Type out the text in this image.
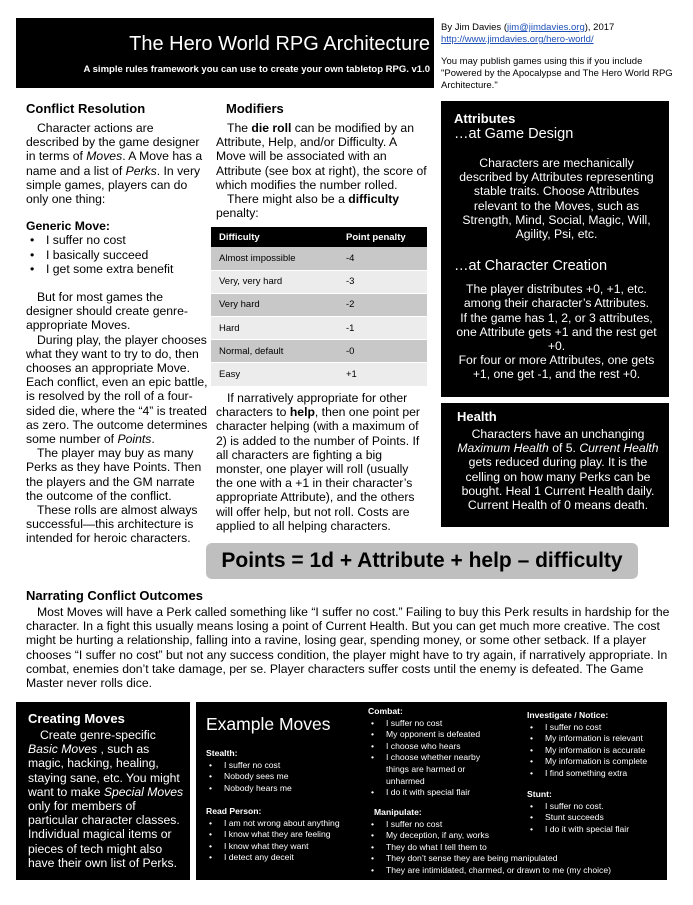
The Hero World RPG Architecture
A simple rules framework you can use to create your own tabletop RPG. v1.0
By Jim Davies (jim@jimdavies.org), 2017
http://www.jimdavies.org/hero-world/
You may publish games using this if you include "Powered by the Apocalypse and The Hero World RPG Architecture."
Conflict Resolution

Character actions are described by the game designer in terms of Moves. A Move has a name and a list of Perks. In very simple games, players can do only one thing:

Generic Move:

• I suffer no cost
• I basically succeed
• I get some extra benefit

But for most games the designer should create genre-appropriate Moves.

During play, the player chooses what they want to try to do, then chooses an appropriate Move. Each conflict, even an epic battle, is resolved by the roll of a four-sided die, where the “4” is treated as zero. The outcome determines some number of Points.

The player may buy as many Perks as they have Points. Then the players and the GM narrate the outcome of the conflict.

These rolls are almost always successful—this architecture is intended for heroic characters.

Modifiers

The die roll can be modified by an Attribute, Help, and/or Difficulty. A Move will be associated with an Attribute (see box at right), the score of which modifies the number rolled.

There might also be a difficulty penalty:

Difficulty	Point penalty
Almost impossible	-4
Very, very hard	-3
Very hard	-2
Hard	-1
Normal, default	-0
Easy	+1

If narratively appropriate for other characters to help, then one point per character helping (with a maximum of 2) is added to the number of Points. If all characters are fighting a big monster, one player will roll (usually the one with a +1 in their character’s appropriate Attribute), and the others will offer help, but not roll. Costs are applied to all helping characters.

Attributes
…at Game Design
Characters are mechanically described by Attributes representing stable traits. Choose Attributes relevant to the Moves, such as Strength, Mind, Social, Magic, Will, Agility, Psi, etc.
…at Character Creation
The player distributes +0, +1, etc. among their character’s Attributes.
If the game has 1, 2, or 3 attributes, one Attribute gets +1 and the rest get +0.
For four or more Attributes, one gets +1, one get -1, and the rest +0.
Health
Characters have an unchanging Maximum Health of 5. Current Health gets reduced during play. It is the celling on how many Perks can be bought. Heal 1 Current Health daily. Current Health of 0 means death.
Points = 1d + Attribute + help – difficulty
Narrating Conflict Outcomes

Most Moves will have a Perk called something like “I suffer no cost.” Failing to buy this Perk results in hardship for the character. In a fight this usually means losing a point of Current Health. But you can get much more creative. The cost might be hurting a relationship, falling into a ravine, losing gear, spending money, or some other setback. If a player chooses “I suffer no cost” but not any success condition, the player might have to try again, if narratively appropriate. In combat, enemies don’t take damage, per se. Player characters suffer costs until the enemy is defeated. The Game Master never rolls dice.

Creating Moves
Create genre-specific Basic Moves , such as magic, hacking, healing, staying sane, etc. You might want to make Special Moves only for members of particular character classes. Individual magical items or pieces of tech might also have their own list of Perks.
Example Moves
Stealth:
• I suffer no cost
• Nobody sees me
• Nobody hears me
Read Person:
• I am not wrong about anything
• I know what they are feeling
• I know what they want
• I detect any deceit
Combat:
• I suffer no cost
• My opponent is defeated
• I choose who hears
• I choose whether nearby
things are harmed or
unharmed
• I do it with special flair
Manipulate:
• I suffer no cost
• My deception, if any, works
• They do what I tell them to
• They don’t sense they are being manipulated
• They are intimidated, charmed, or drawn to me (my choice)
Investigate / Notice:
• I suffer no cost
• My information is relevant
• My information is accurate
• My information is complete
• I find something extra
Stunt:
• I suffer no cost.
• Stunt succeeds
• I do it with special flair
